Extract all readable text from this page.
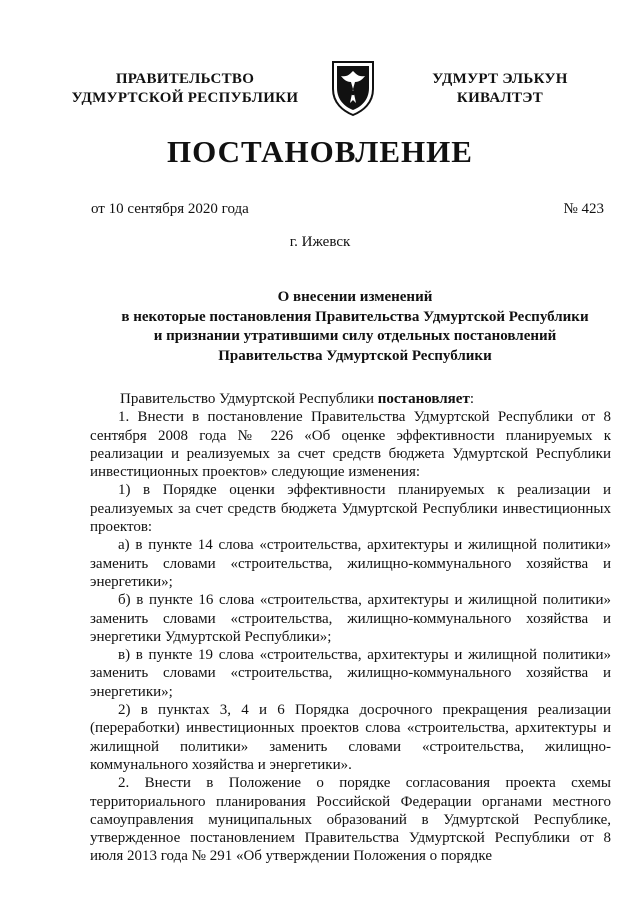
ПРАВИТЕЛЬСТВО
УДМУРТСКОЙ РЕСПУБЛИКИ
УДМУРТ ЭЛЬКУН
КИВАЛТЭТ
ПОСТАНОВЛЕНИЕ
от 10 сентября 2020 года	№ 423
г. Ижевск
О внесении изменений
в некоторые постановления Правительства Удмуртской Республики
и признании утратившими силу отдельных постановлений
Правительства Удмуртской Республики

Правительство Удмуртской Республики постановляет:

1. Внести в постановление Правительства Удмуртской Республики от 8 сентября 2008 года № 226 «Об оценке эффективности планируемых к реализации и реализуемых за счет средств бюджета Удмуртской Республики инвестиционных проектов» следующие изменения:

1) в Порядке оценки эффективности планируемых к реализации и реализуемых за счет средств бюджета Удмуртской Республики инвестиционных проектов:

а) в пункте 14 слова «строительства, архитектуры и жилищной политики» заменить словами «строительства, жилищно-коммунального хозяйства и энергетики»;

б) в пункте 16 слова «строительства, архитектуры и жилищной политики» заменить словами «строительства, жилищно-коммунального хозяйства и энергетики Удмуртской Республики»;

в) в пункте 19 слова «строительства, архитектуры и жилищной политики» заменить словами «строительства, жилищно-коммунального хозяйства и энергетики»;

2) в пунктах 3, 4 и 6 Порядка досрочного прекращения реализации (переработки) инвестиционных проектов слова «строительства, архитектуры и жилищной политики» заменить словами «строительства, жилищно-коммунального хозяйства и энергетики».

2. Внести в Положение о порядке согласования проекта схемы территориального планирования Российской Федерации органами местного самоуправления муниципальных образований в Удмуртской Республике, утвержденное постановлением Правительства Удмуртской Республики от 8 июля 2013 года № 291 «Об утверждении Положения о порядке
